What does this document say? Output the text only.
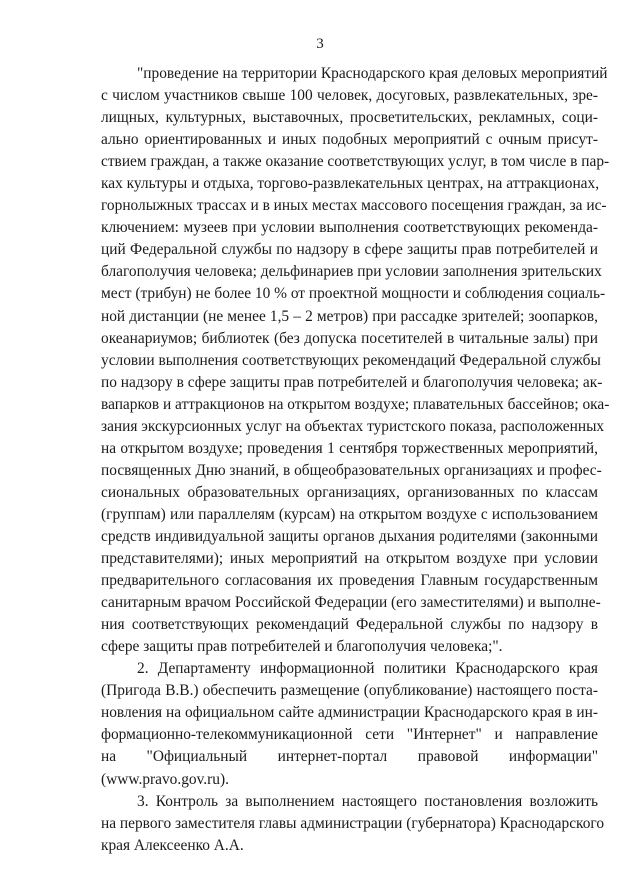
3

"проведение на территории Краснодарского края деловых мероприятий
с числом участников свыше 100 человек, досуговых, развлекательных, зре-
лищных, культурных, выставочных, просветительских, рекламных, соци-
ально ориентированных и иных подобных мероприятий с очным присут-
ствием граждан, а также оказание соответствующих услуг, в том числе в пар-
ках культуры и отдыха, торгово-развлекательных центрах, на аттракционах,
горнолыжных трассах и в иных местах массового посещения граждан, за ис-
ключением: музеев при условии выполнения соответствующих рекоменда-
ций Федеральной службы по надзору в сфере защиты прав потребителей и
благополучия человека; дельфинариев при условии заполнения зрительских
мест (трибун) не более 10 % от проектной мощности и соблюдения социаль-
ной дистанции (не менее 1,5 – 2 метров) при рассадке зрителей; зоопарков,
океанариумов; библиотек (без допуска посетителей в читальные залы) при
условии выполнения соответствующих рекомендаций Федеральной службы
по надзору в сфере защиты прав потребителей и благополучия человека; ак-
вапарков и аттракционов на открытом воздухе; плавательных бассейнов; ока-
зания экскурсионных услуг на объектах туристского показа, расположенных
на открытом воздухе; проведения 1 сентября торжественных мероприятий,
посвященных Дню знаний, в общеобразовательных организациях и профес-
сиональных образовательных организациях, организованных по классам
(группам) или параллелям (курсам) на открытом воздухе с использованием
средств индивидуальной защиты органов дыхания родителями (законными
представителями); иных мероприятий на открытом воздухе при условии
предварительного согласования их проведения Главным государственным
санитарным врачом Российской Федерации (его заместителями) и выполне-
ния соответствующих рекомендаций Федеральной службы по надзору в
сфере защиты прав потребителей и благополучия человека;".

2. Департаменту информационной политики Краснодарского края
(Пригода В.В.) обеспечить размещение (опубликование) настоящего поста-
новления на официальном сайте администрации Краснодарского края в ин-
формационно-телекоммуникационной сети "Интернет" и направление
на "Официальный интернет-портал правовой информации"
(www.pravo.gov.ru).

3. Контроль за выполнением настоящего постановления возложить
на первого заместителя главы администрации (губернатора) Краснодарского
края Алексеенко А.А.
